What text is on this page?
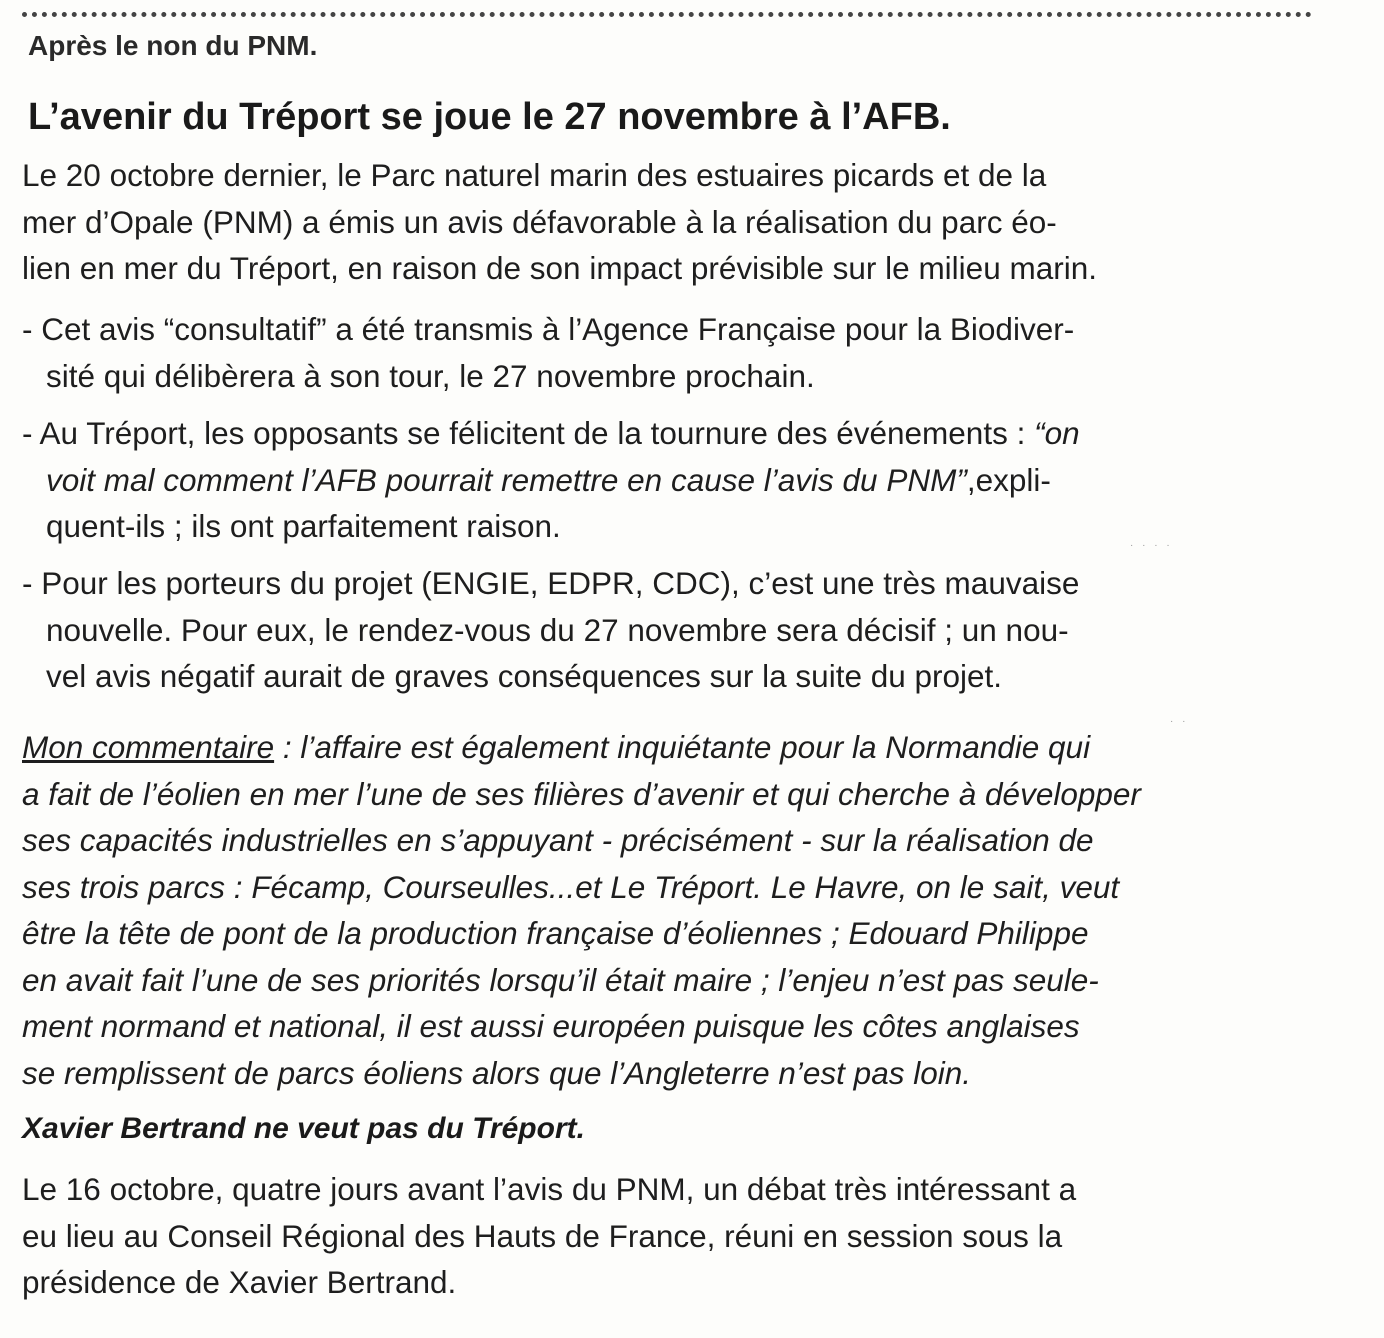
Après le non du PNM.
L’avenir du Tréport se joue le 27 novembre à l’AFB.
Le 20 octobre dernier, le Parc naturel marin des estuaires picards et de la
mer d’Opale (PNM) a émis un avis défavorable à la réalisation du parc éo-
lien en mer du Tréport, en raison de son impact prévisible sur le milieu marin.
- Cet avis “consultatif” a été transmis à l’Agence Française pour la Biodiver-
sité qui délibèrera à son tour, le 27 novembre prochain.
- Au Tréport, les opposants se félicitent de la tournure des événements : “on
voit mal comment l’AFB pourrait remettre en cause l’avis du PNM”,expli-
quent-ils ; ils ont parfaitement raison.
- Pour les porteurs du projet (ENGIE, EDPR, CDC), c’est une très mauvaise
nouvelle. Pour eux, le rendez-vous du 27 novembre sera décisif ; un nou-
vel avis négatif aurait de graves conséquences sur la suite du projet.
Mon commentaire : l’affaire est également inquiétante pour la Normandie qui
a fait de l’éolien en mer l’une de ses filières d’avenir et qui cherche à développer
ses capacités industrielles en s’appuyant - précisément - sur la réalisation de
ses trois parcs : Fécamp, Courseulles...et Le Tréport. Le Havre, on le sait, veut
être la tête de pont de la production française d’éoliennes ; Edouard Philippe
en avait fait l’une de ses priorités lorsqu’il était maire ; l’enjeu n’est pas seule-
ment normand et national, il est aussi européen puisque les côtes anglaises
se remplissent de parcs éoliens alors que l’Angleterre n’est pas loin.
Xavier Bertrand ne veut pas du Tréport.
Le 16 octobre, quatre jours avant l’avis du PNM, un débat très intéressant a
eu lieu au Conseil Régional des Hauts de France, réuni en session sous la
présidence de Xavier Bertrand.
· · · ·
· ·
